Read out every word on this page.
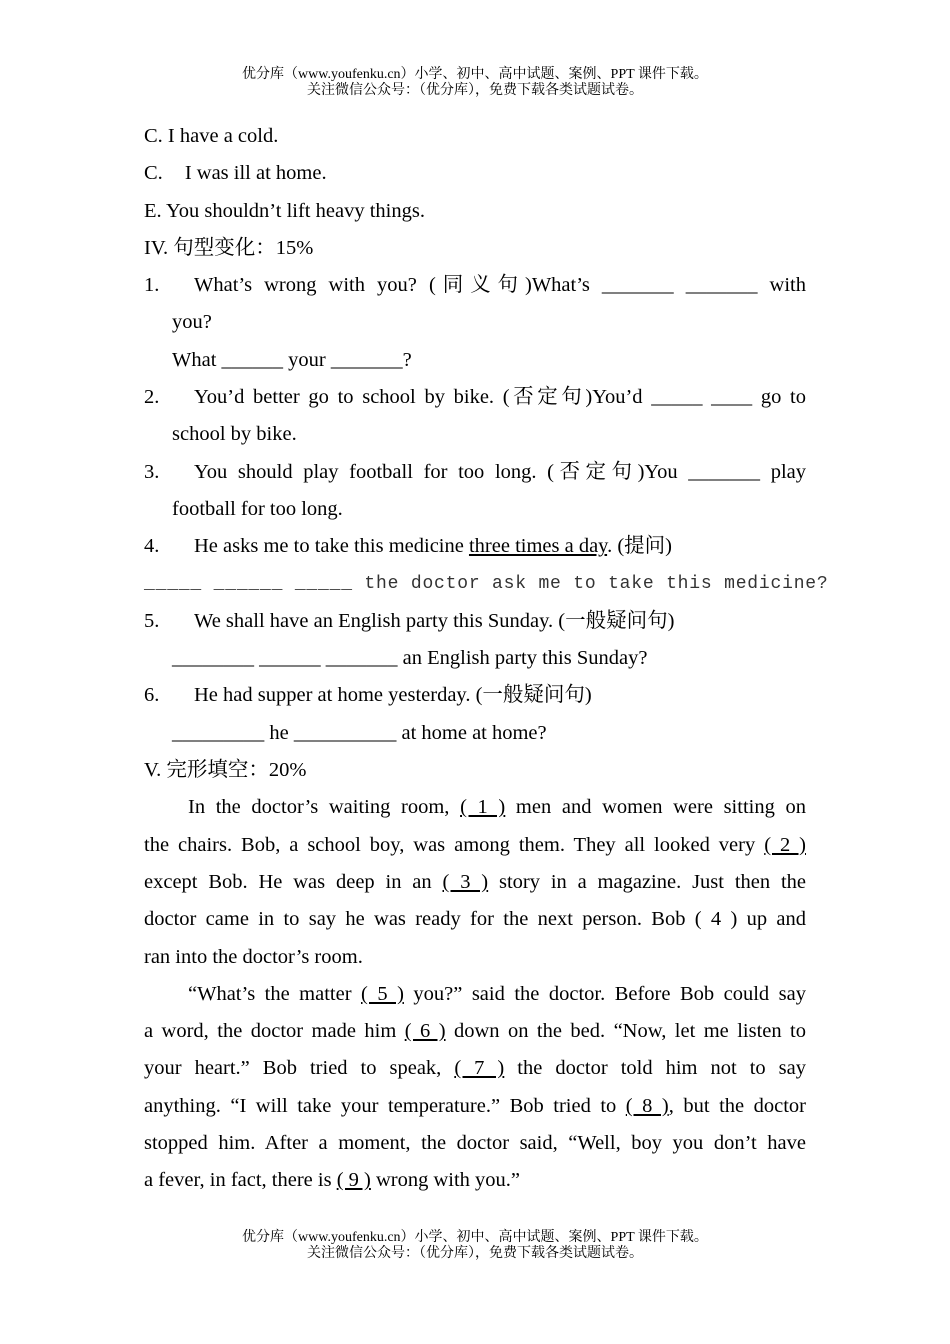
优分库（www.youfenku.cn）小学、初中、高中试题、案例、PPT 课件下载。
关注微信公众号：（优分库），免费下载各类试题试卷。
C. I have a cold.
C. I was ill at home.
E. You shouldn’t lift heavy things.
IV. 句型变化：15%
1. What’s wrong with you? (同义句)What’s _______ _______ with
you?
What ______ your _______?
2. You’d better go to school by bike. (否定句)You’d _____ ____ go to
school by bike.
3. You should play football for too long. (否定句)You _______ play
football for too long.
4. He asks me to take this medicine three times a day. (提问)
_____ ______ _____ the doctor ask me to take this medicine?
5. We shall have an English party this Sunday. (一般疑问句)
________ ______ _______ an English party this Sunday?
6. He had supper at home yesterday. (一般疑问句)
_________ he __________ at home at home?
V. 完形填空：20%
In the doctor’s waiting room, ( 1 ) men and women were sitting on
the chairs. Bob, a school boy, was among them. They all looked very ( 2 )
except Bob. He was deep in an ( 3 ) story in a magazine. Just then the
doctor came in to say he was ready for the next person. Bob ( 4 ) up and
ran into the doctor’s room.
“What’s the matter ( 5 ) you?” said the doctor. Before Bob could say
a word, the doctor made him ( 6 ) down on the bed. “Now, let me listen to
your heart.” Bob tried to speak, ( 7 ) the doctor told him not to say
anything. “I will take your temperature.” Bob tried to ( 8 ), but the doctor
stopped him. After a moment, the doctor said, “Well, boy you don’t have
a fever, in fact, there is ( 9 ) wrong with you.”
优分库（www.youfenku.cn）小学、初中、高中试题、案例、PPT 课件下载。
关注微信公众号：（优分库），免费下载各类试题试卷。
